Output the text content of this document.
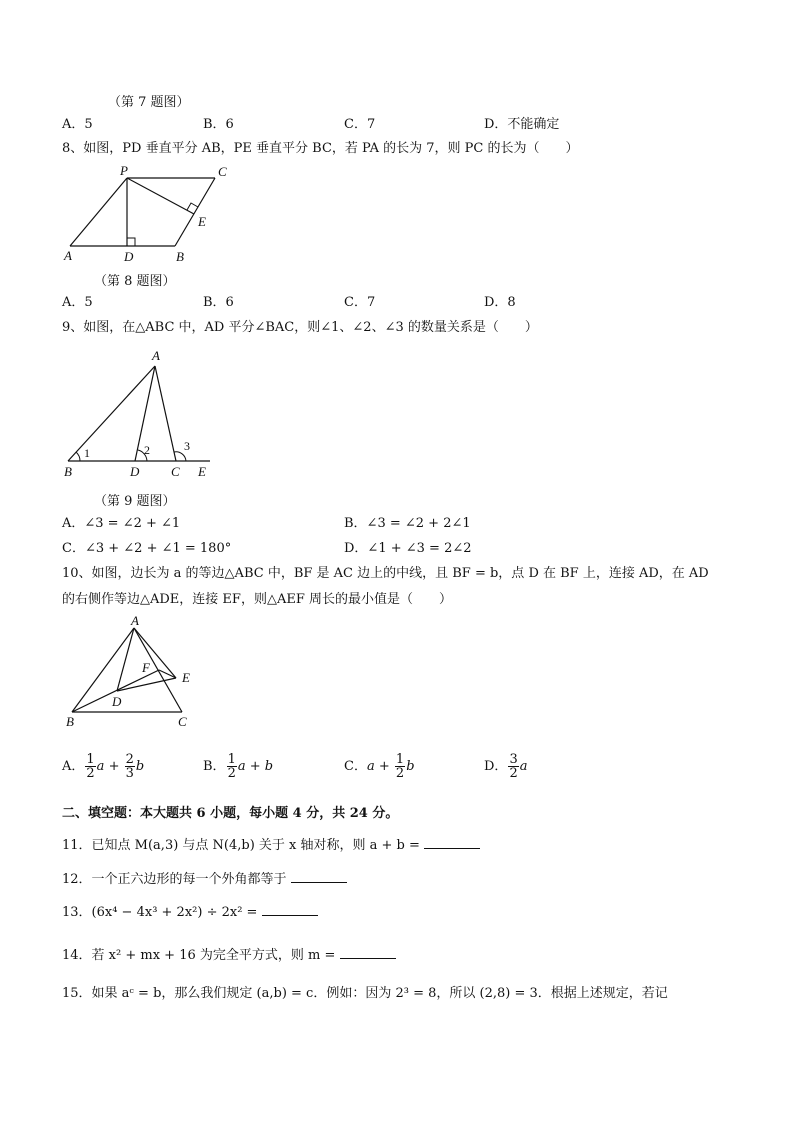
（第 7 题图）
A．5	B．6	C．7	D．不能确定
8、如图，PD 垂直平分 AB，PE 垂直平分 BC，若 PA 的长为 7，则 PC 的长为（　　）
P	C
E
A	D	B
（第 8 题图）
A．5	B．6	C．7	D．8
9、如图，在△ABC 中，AD 平分∠BAC，则∠1、∠2、∠3 的数量关系是（　　）
A
B	D C E
1	2	3
（第 9 题图）
A．∠3 = ∠2 + ∠1	B．∠3 = ∠2 + 2∠1
C．∠3 + ∠2 + ∠1 = 180°	D．∠1 + ∠3 = 2∠2
10、如图，边长为 a 的等边△ABC 中，BF 是 AC 边上的中线，且 BF = b，点 D 在 BF 上，连接 AD，在 AD
的右侧作等边△ADE，连接 EF，则△AEF 周长的最小值是（　　）
A
F
E
D
B	C
A． $\frac{1}{2}$ $a + \frac{2}{3}$ b	B． $\frac{1}{2}$ a + b	C．$a + \frac{1}{2}$ b	D． $\frac{3}{2}$ a
二、填空题：本大题共 6 小题，每小题 4 分，共 24 分。
11．已知点 M(a,3) 与点 N(4,b) 关于 x 轴对称，则 a + b =
12．一个正六边形的每一个外角都等于
13．(6x⁴ − 4x³ + 2x²) ÷ 2x² =
14．若 x² + mx + 16 为完全平方式，则 m =
15．如果 aᶜ = b，那么我们规定 (a,b) = c．例如：因为 2³ = 8，所以 (2,8) = 3．根据上述规定，若记
